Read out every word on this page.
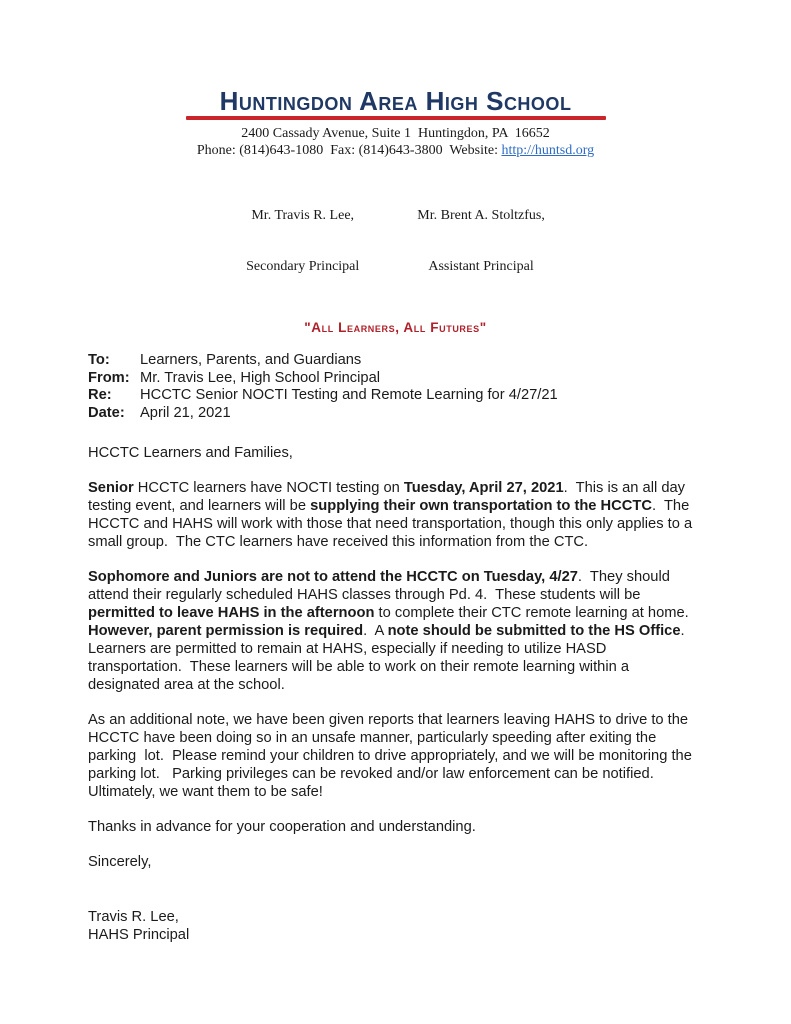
Huntingdon Area High School
2400 Cassady Avenue, Suite 1  Huntingdon, PA  16652
Phone: (814)643-1080  Fax: (814)643-3800  Website: http://huntsd.org

Mr. Travis R. Lee,

Secondary Principal

Mr. Brent A. Stoltzfus,

Assistant Principal

"All Learners, All Futures"
To:	Learners, Parents, and Guardians
From: Mr. Travis Lee, High School Principal
Re:	HCCTC Senior NOCTI Testing and Remote Learning for 4/27/21
Date:	April 21, 2021

HCCTC Learners and Families,

Senior HCCTC learners have NOCTI testing on Tuesday, April 27, 2021.  This is an all day testing event, and learners will be supplying their own transportation to the HCCTC.  The HCCTC and HAHS will work with those that need transportation, though this only applies to a small group.  The CTC learners have received this information from the CTC.

Sophomore and Juniors are not to attend the HCCTC on Tuesday, 4/27.  They should attend their regularly scheduled HAHS classes through Pd. 4.  These students will be permitted to leave HAHS in the afternoon to complete their CTC remote learning at home.  However, parent permission is required.  A note should be submitted to the HS Office.   Learners are permitted to remain at HAHS, especially if needing to utilize HASD transportation.  These learners will be able to work on their remote learning within a designated area at the school.

As an additional note, we have been given reports that learners leaving HAHS to drive to the HCCTC have been doing so in an unsafe manner, particularly speeding after exiting the parking  lot.  Please remind your children to drive appropriately, and we will be monitoring the parking lot.   Parking privileges can be revoked and/or law enforcement can be notified.  Ultimately, we want them to be safe!

Thanks in advance for your cooperation and understanding.

Sincerely,

Travis R. Lee,

HAHS Principal
